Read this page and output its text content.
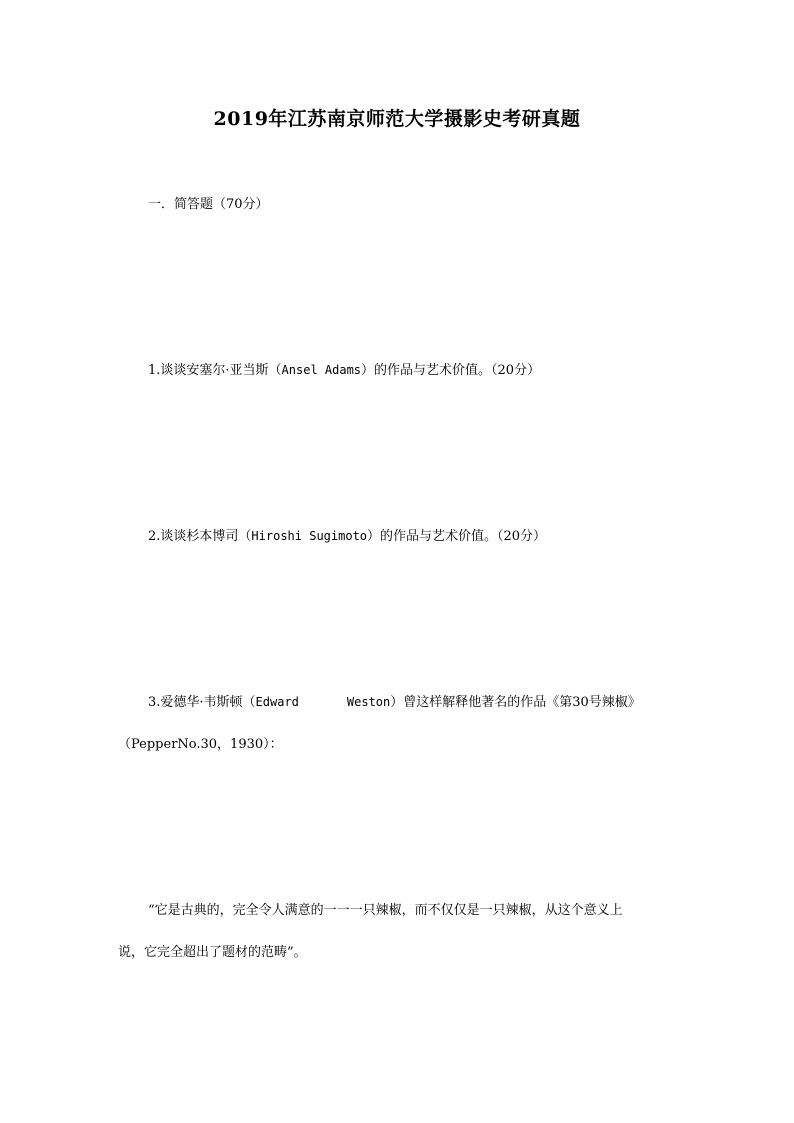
2019年江苏南京师范大学摄影史考研真题

一．简答题（70分）

1.谈谈安塞尔·亚当斯（Ansel Adams）的作品与艺术价值。（20分）

2.谈谈杉本博司（Hiroshi Sugimoto）的作品与艺术价值。（20分）

3.爱德华·韦斯顿（Edward	Weston）曾这样解释他著名的作品《第30号辣椒》

（PepperNo.30，1930）：

“它是古典的，完全令人满意的一一一只辣椒，而不仅仅是一只辣椒，从这个意义上

说，它完全超出了题材的范畴”。
